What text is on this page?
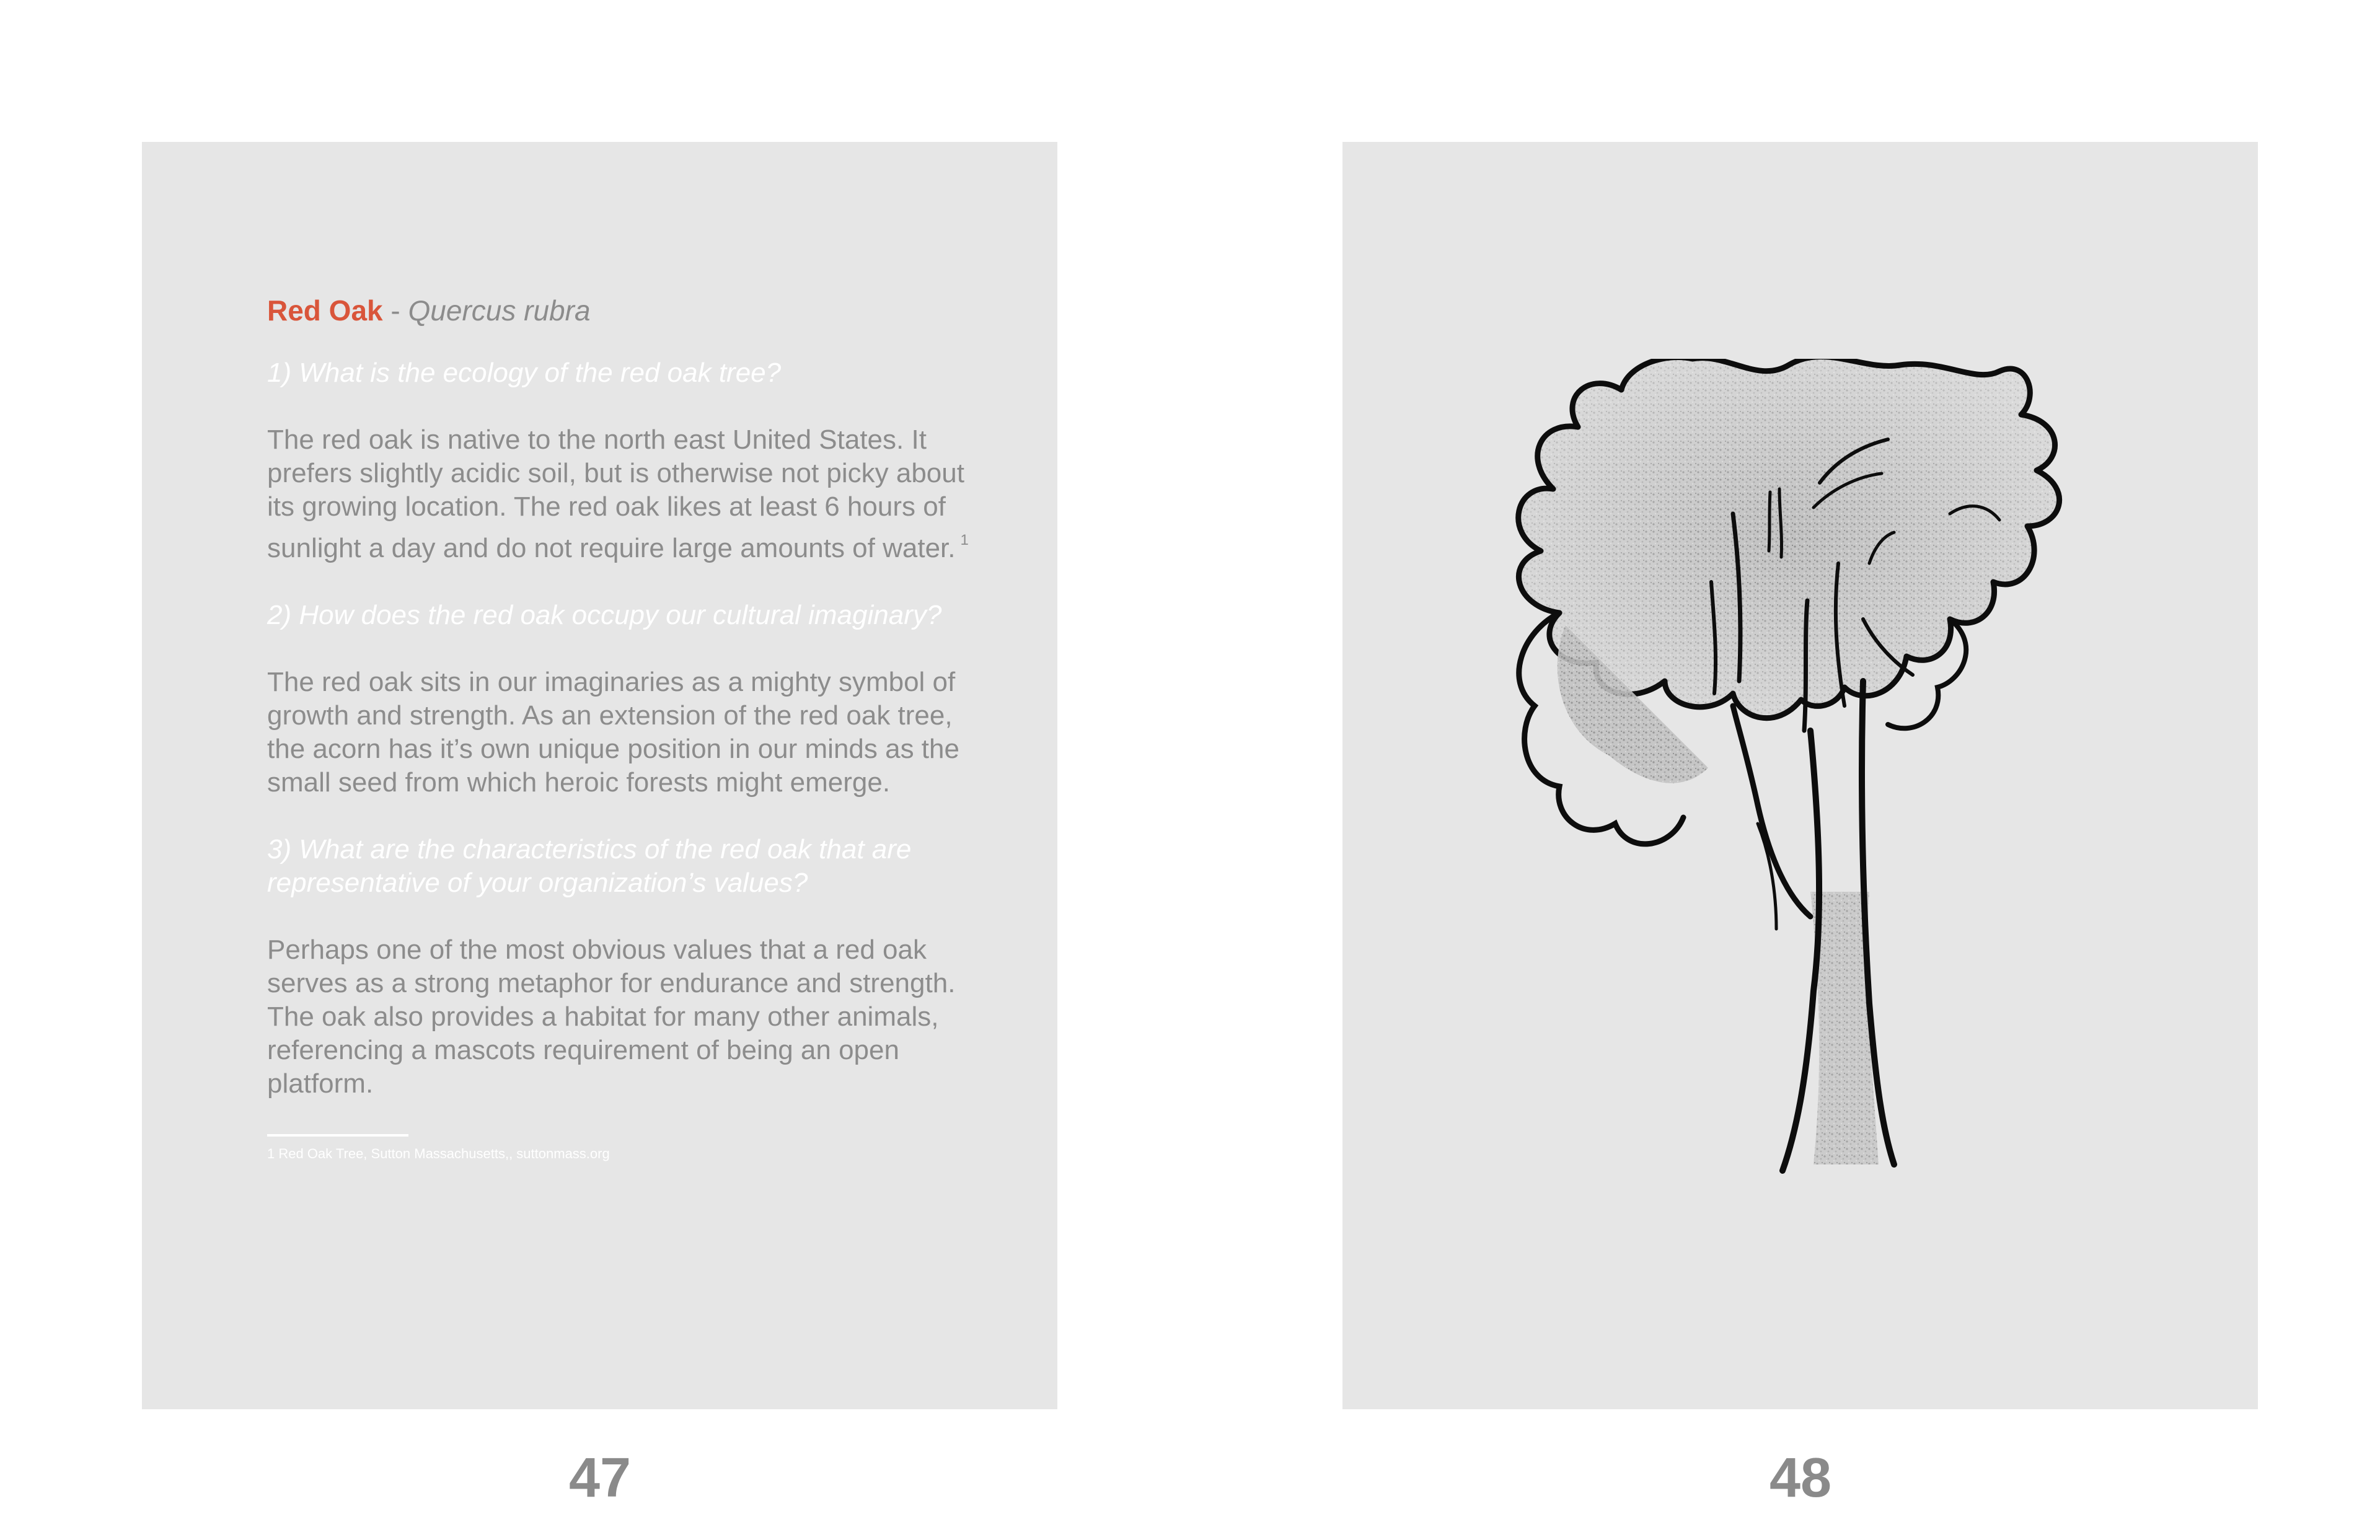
Red Oak - Quercus rubra
1) What is the ecology of the red oak tree?
The red oak is native to the north east United States. It prefers slightly acidic soil, but is otherwise not picky about its growing location. The red oak likes at least 6 hours of sunlight a day and do not require large amounts of water. $^1$
2) How does the red oak occupy our cultural imaginary?
The red oak sits in our imaginaries as a mighty symbol of growth and strength. As an extension of the red oak tree, the acorn has it’s own unique position in our minds as the small seed from which heroic forests might emerge.
3) What are the characteristics of the red oak that are representative of your organization’s values?
Perhaps one of the most obvious values that a red oak serves as a strong metaphor for endurance and strength. The oak also provides a habitat for many other animals, referencing a mascots requirement of being an open platform.
1 Red Oak Tree, Sutton Massachusetts,, suttonmass.org
47	48
